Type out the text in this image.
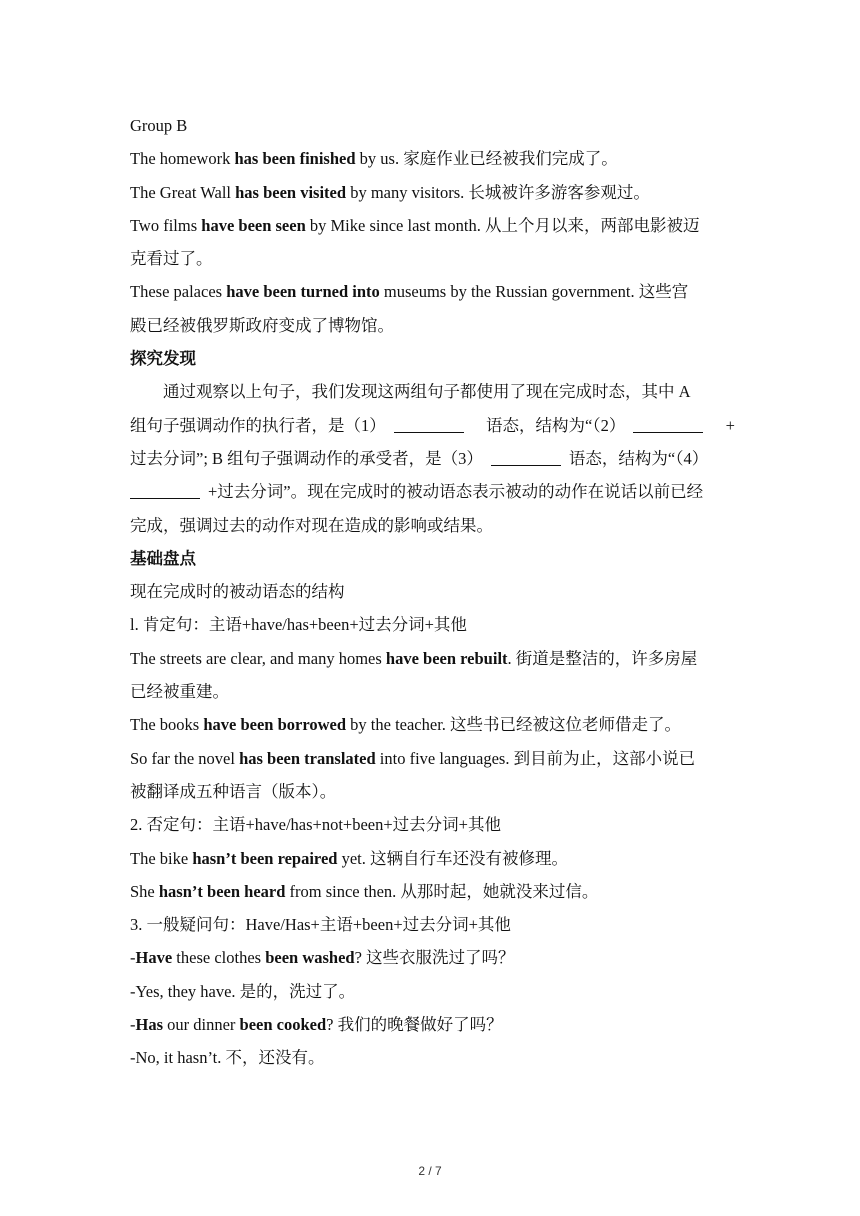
Group B
The homework has been finished by us. 家庭作业已经被我们完成了。
The Great Wall has been visited by many visitors. 长城被许多游客参观过。
Two films have been seen by Mike since last month. 从上个月以来，两部电影被迈
克看过了。
These palaces have been turned into museums by the Russian government. 这些宫
殿已经被俄罗斯政府变成了博物馆。
探究发现
通过观察以上句子，我们发现这两组句子都使用了现在完成时态，其中 A
组句子强调动作的执行者，是（1）	语态，结构为“（2）	+
过去分词”; B 组句子强调动作的承受者，是（3）	语态，结构为“（4）
+过去分词”。现在完成时的被动语态表示被动的动作在说话以前已经
完成，强调过去的动作对现在造成的影响或结果。
基础盘点
现在完成时的被动语态的结构
l. 肯定句：主语+have/has+been+过去分词+其他
The streets are clear, and many homes have been rebuilt. 街道是整洁的，许多房屋
已经被重建。
The books have been borrowed by the teacher. 这些书已经被这位老师借走了。
So far the novel has been translated into five languages. 到目前为止，这部小说已
被翻译成五种语言（版本）。
2. 否定句：主语+have/has+not+been+过去分词+其他
The bike hasn’t been repaired yet. 这辆自行车还没有被修理。
She hasn’t been heard from since then. 从那时起，她就没来过信。
3. 一般疑问句：Have/Has+主语+been+过去分词+其他
-Have these clothes been washed? 这些衣服洗过了吗？
-Yes, they have. 是的，洗过了。
-Has our dinner been cooked? 我们的晚餐做好了吗？
-No, it hasn’t. 不，还没有。
2 / 7
